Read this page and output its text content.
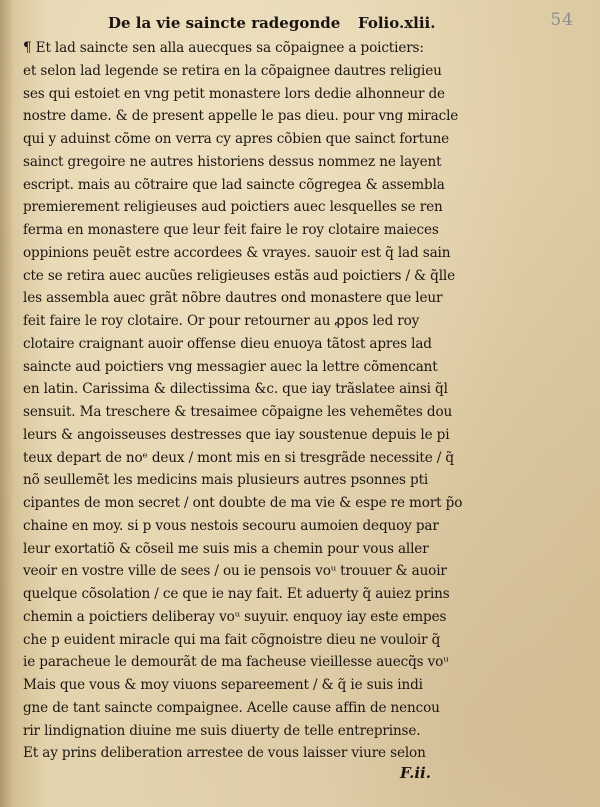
54
De la vie saincte radegonde Folio.xlii.
¶ Et lad saincte sen alla auecques sa cõpaignee a poictiers:
et selon lad legende se retira en la cõpaignee dautres religieu
ses qui estoiet en vng petit monastere lors dedie alhonneur de
nostre dame. & de present appelle le pas dieu. pour vng miracle
qui y aduinst cõme on verra cy apres cõbien que sainct fortune
sainct gregoire ne autres historiens dessus nommez ne layent
escript. mais au cõtraire que lad saincte cõgregea & assembla
premierement religieuses aud poictiers auec lesquelles se ren
ferma en monastere que leur feit faire le roy clotaire maieces
oppinions peuẽt estre accordees & vrayes. sauoir est q̃ lad sain
cte se retira auec aucũes religieuses estãs aud poictiers / & q̃lle
les assembla auec grãt nõbre dautres ond monastere que leur
feit faire le roy clotaire. Or pour retourner au ꝓpos led roy
clotaire craignant auoir offense dieu enuoya tãtost apres lad
saincte aud poictiers vng messagier auec la lettre cõmencant
en latin. Carissima & dilectissima &c. que iay trãslatee ainsi q̃l
sensuit. Ma treschere & tresaimee cõpaigne les vehemẽtes dou
leurs & angoisseuses destresses que iay soustenue depuis le pi
teux depart de noᵉ deux / mont mis en si tresgrãde necessite / q̃
nõ seullemẽt les medicins mais plusieurs autres psonnes pti
cipantes de mon secret / ont doubte de ma vie & espe re mort p̃o
chaine en moy. si p vous nestois secouru aumoien dequoy par
leur exortatiõ & cõseil me suis mis a chemin pour vous aller
veoir en vostre ville de sees / ou ie pensois voᵘ trouuer & auoir
quelque cõsolation / ce que ie nay fait. Et aduerty q̃ auiez prins
chemin a poictiers deliberay voᵘ suyuir. enquoy iay este empes
che p euident miracle qui ma fait cõgnoistre dieu ne vouloir q̃
ie paracheue le demourãt de ma facheuse vieillesse auecq̃s voᵘ
Mais que vous & moy viuons separeement / & q̃ ie suis indi
gne de tant saincte compaignee. Acelle cause affin de nencou
rir lindignation diuine me suis diuerty de telle entreprinse.
Et ay prins deliberation arrestee de vous laisser viure selon
F.ii.
